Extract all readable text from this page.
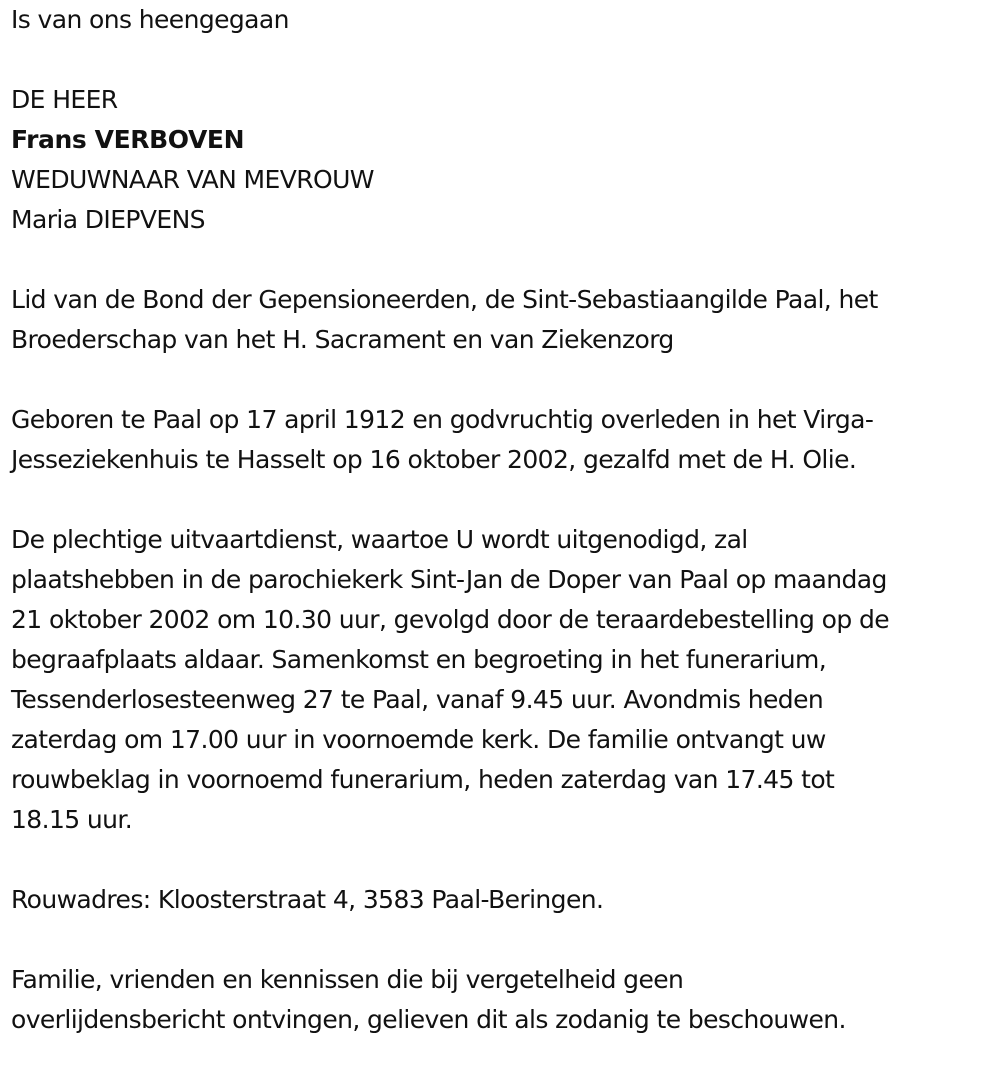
Is van ons heengegaan

DE HEER

Frans VERBOVEN

WEDUWNAAR VAN MEVROUW

Maria DIEPVENS

Lid van de Bond der Gepensioneerden, de Sint-Sebastiaangilde Paal, het

Broederschap van het H. Sacrament en van Ziekenzorg

Geboren te Paal op 17 april 1912 en godvruchtig overleden in het Virga-

Jesseziekenhuis te Hasselt op 16 oktober 2002, gezalfd met de H. Olie.

De plechtige uitvaartdienst, waartoe U wordt uitgenodigd, zal

plaatshebben in de parochiekerk Sint-Jan de Doper van Paal op maandag

21 oktober 2002 om 10.30 uur, gevolgd door de teraardebestelling op de

begraafplaats aldaar. Samenkomst en begroeting in het funerarium,

Tessenderlosesteenweg 27 te Paal, vanaf 9.45 uur. Avondmis heden

zaterdag om 17.00 uur in voornoemde kerk. De familie ontvangt uw

rouwbeklag in voornoemd funerarium, heden zaterdag van 17.45 tot

18.15 uur.

Rouwadres: Kloosterstraat 4, 3583 Paal-Beringen.

Familie, vrienden en kennissen die bij vergetelheid geen

overlijdensbericht ontvingen, gelieven dit als zodanig te beschouwen.
